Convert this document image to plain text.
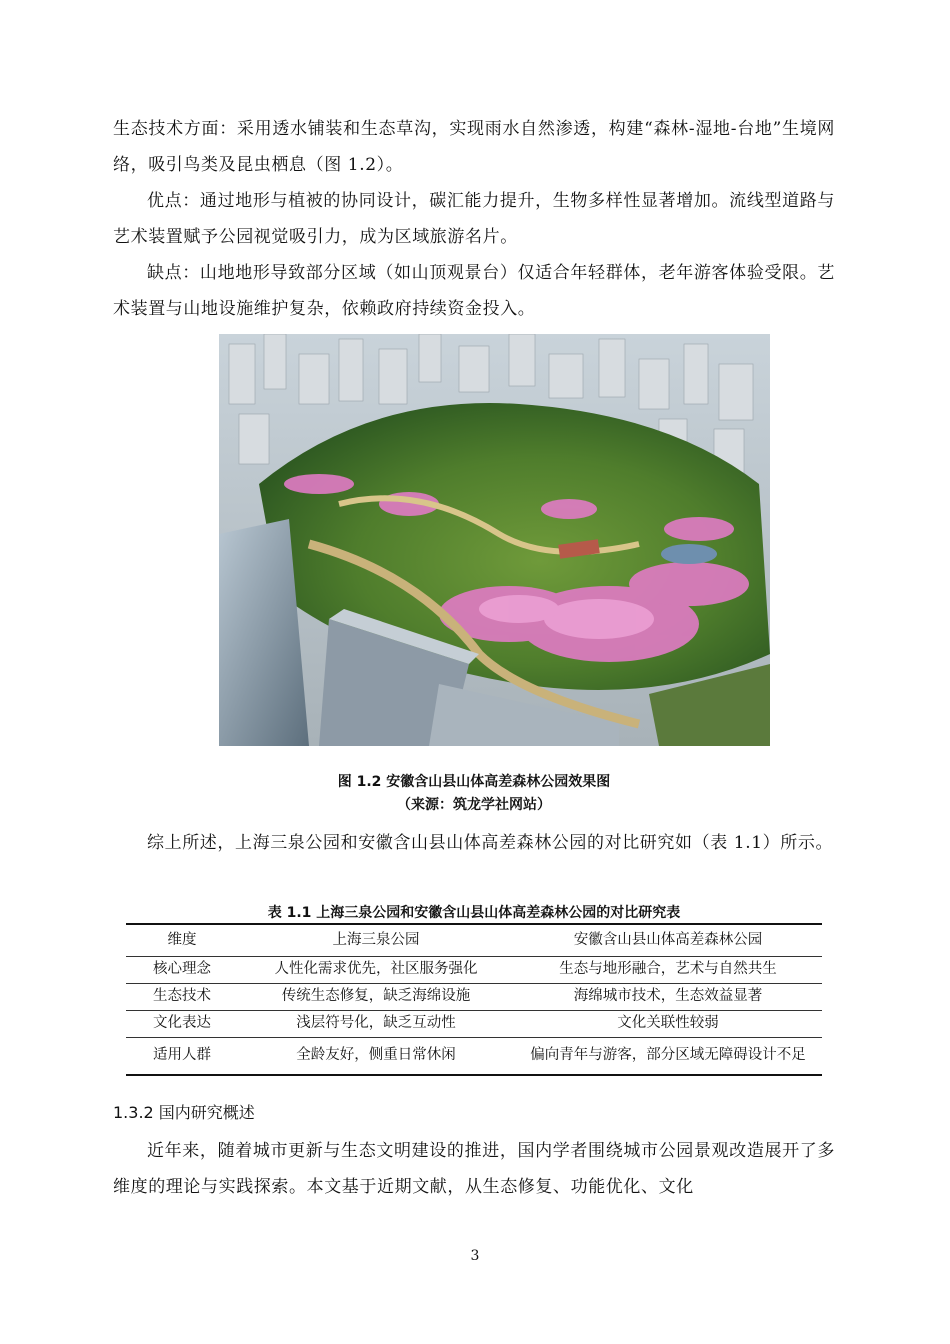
生态技术方面：采用透水铺装和生态草沟，实现雨水自然渗透，构建“森林-湿地-台地”生境网络，吸引鸟类及昆虫栖息（图 1.2）。

优点：通过地形与植被的协同设计，碳汇能力提升，生物多样性显著增加。流线型道路与艺术装置赋予公园视觉吸引力，成为区域旅游名片。

缺点：山地地形导致部分区域（如山顶观景台）仅适合年轻群体，老年游客体验受限。艺术装置与山地设施维护复杂，依赖政府持续资金投入。

图 1.2 安徽含山县山体高差森林公园效果图
（来源：筑龙学社网站）

综上所述，上海三泉公园和安徽含山县山体高差森林公园的对比研究如（表 1.1）所示。

表 1.1 上海三泉公园和安徽含山县山体高差森林公园的对比研究表
维度	上海三泉公园	安徽含山县山体高差森林公园
核心理念	人性化需求优先，社区服务强化	生态与地形融合，艺术与自然共生
生态技术	传统生态修复，缺乏海绵设施	海绵城市技术，生态效益显著
文化表达	浅层符号化，缺乏互动性	文化关联性较弱
适用人群	全龄友好，侧重日常休闲	偏向青年与游客，部分区域无障碍设计不足
1.3.2 国内研究概述

近年来，随着城市更新与生态文明建设的推进，国内学者围绕城市公园景观改造展开了多维度的理论与实践探索。本文基于近期文献，从生态修复、功能优化、文化

3
